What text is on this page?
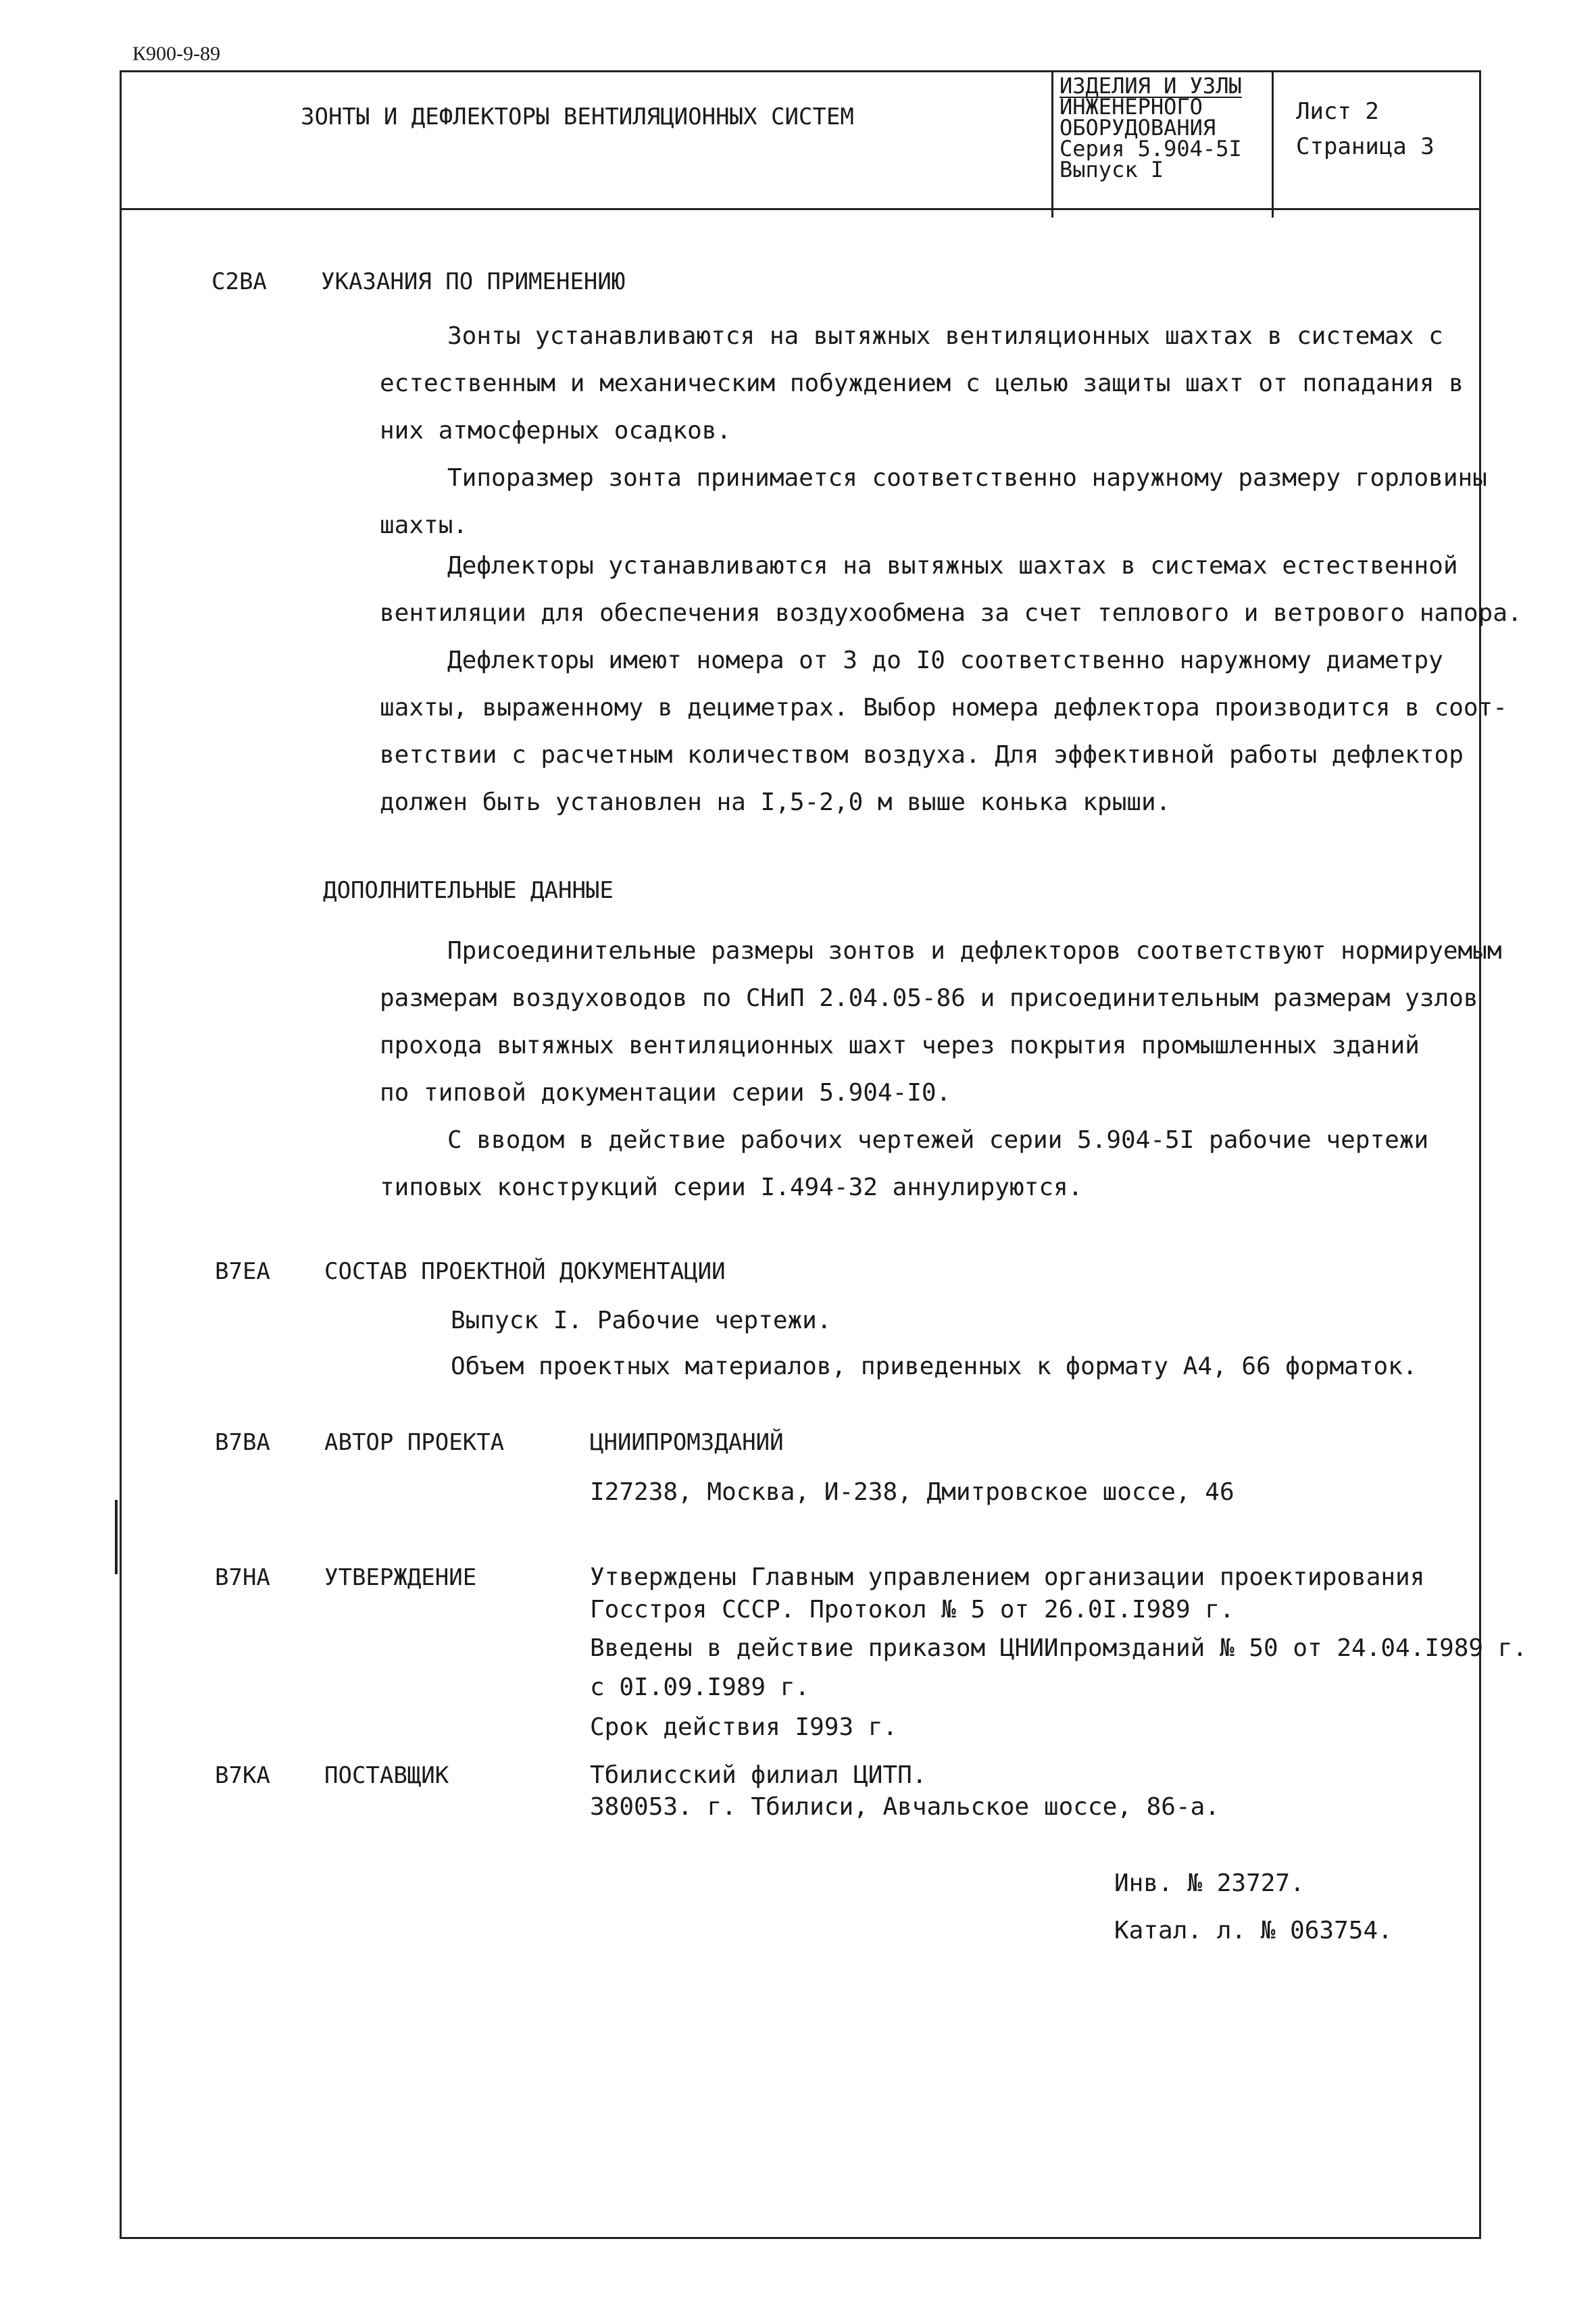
К900-9-89
ЗОНТЫ И ДЕФЛЕКТОРЫ ВЕНТИЛЯЦИОННЫХ СИСТЕМ
ИЗДЕЛИЯ И УЗЛЫ
ИНЖЕНЕРНОГО
ОБОРУДОВАНИЯ
Серия 5.904-5I
Выпуск I
Лист 2
Страница 3
С2ВА УКАЗАНИЯ ПО ПРИМЕНЕНИЮ
Зонты устанавливаются на вытяжных вентиляционных шахтах в системах с
естественным и механическим побуждением с целью защиты шахт от попадания в
них атмосферных осадков.
Типоразмер зонта принимается соответственно наружному размеру горловины
шахты.
Дефлекторы устанавливаются на вытяжных шахтах в системах естественной
вентиляции для обеспечения воздухообмена за счет теплового и ветрового напора.
Дефлекторы имеют номера от 3 до I0 соответственно наружному диаметру
шахты, выраженному в дециметрах. Выбор номера дефлектора производится в соот-
ветствии с расчетным количеством воздуха. Для эффективной работы дефлектор
должен быть установлен на I,5-2,0 м выше конька крыши.
ДОПОЛНИТЕЛЬНЫЕ ДАННЫЕ
Присоединительные размеры зонтов и дефлекторов соответствуют нормируемым
размерам воздуховодов по СНиП 2.04.05-86 и присоединительным размерам узлов
прохода вытяжных вентиляционных шахт через покрытия промышленных зданий
по типовой документации серии 5.904-I0.
С вводом в действие рабочих чертежей серии 5.904-5I рабочие чертежи
типовых конструкций серии I.494-32 аннулируются.
В7ЕА СОСТАВ ПРОЕКТНОЙ ДОКУМЕНТАЦИИ
Выпуск I. Рабочие чертежи.
Объем проектных материалов, приведенных к формату А4, 66 форматок.
В7ВА АВТОР ПРОЕКТА	ЦНИИПРОМЗДАНИЙ
I27238, Москва, И-238, Дмитровское шоссе, 46
В7НА УТВЕРЖДЕНИЕ	Утверждены Главным управлением организации проектирования
Госстроя СССР. Протокол № 5 от 26.0I.I989 г.
Введены в действие приказом ЦНИИпромзданий № 50 от 24.04.I989 г.
с 0I.09.I989 г.
Срок действия I993 г.
В7КА ПОСТАВЩИК	Тбилисский филиал ЦИТП.
380053. г. Тбилиси, Авчальское шоссе, 86-а.
Инв. № 23727.
Катал. л. № 063754.
